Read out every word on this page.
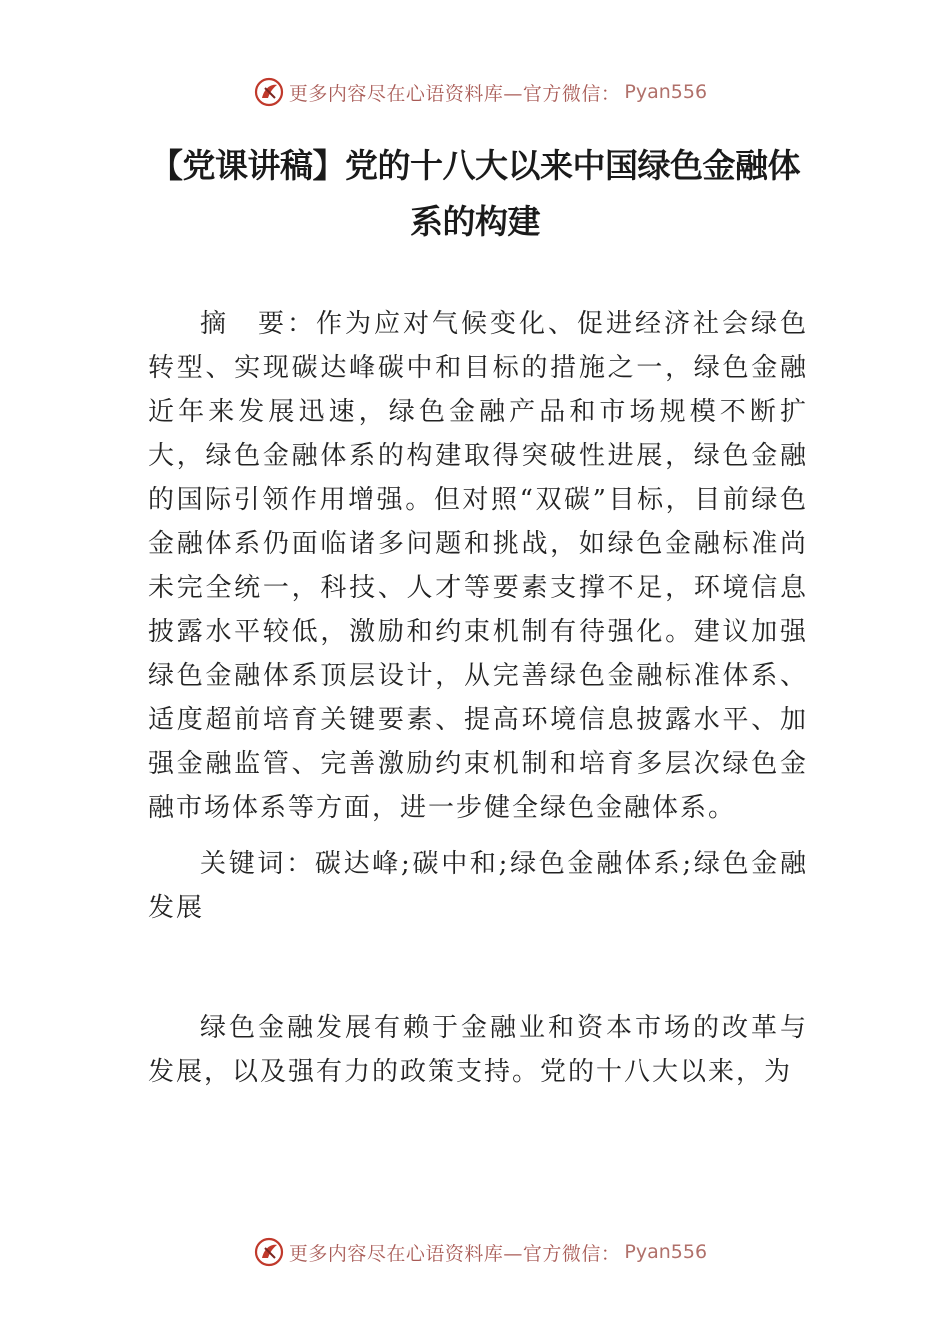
更多内容尽在心语资料库—官方微信： Pyan556
【党课讲稿】党的十八大以来中国绿色金融体系的构建

摘　要：作为应对气候变化、促进经济社会绿色转型、实现碳达峰碳中和目标的措施之一，绿色金融近年来发展迅速，绿色金融产品和市场规模不断扩大，绿色金融体系的构建取得突破性进展，绿色金融的国际引领作用增强。但对照“双碳”目标，目前绿色金融体系仍面临诸多问题和挑战，如绿色金融标准尚未完全统一，科技、人才等要素支撑不足，环境信息披露水平较低，激励和约束机制有待强化。建议加强绿色金融体系顶层设计，从完善绿色金融标准体系、适度超前培育关键要素、提高环境信息披露水平、加强金融监管、完善激励约束机制和培育多层次绿色金融市场体系等方面，进一步健全绿色金融体系。

关键词：碳达峰;碳中和;绿色金融体系;绿色金融发展

绿色金融发展有赖于金融业和资本市场的改革与发展，以及强有力的政策支持。党的十八大以来，为

更多内容尽在心语资料库—官方微信： Pyan556
